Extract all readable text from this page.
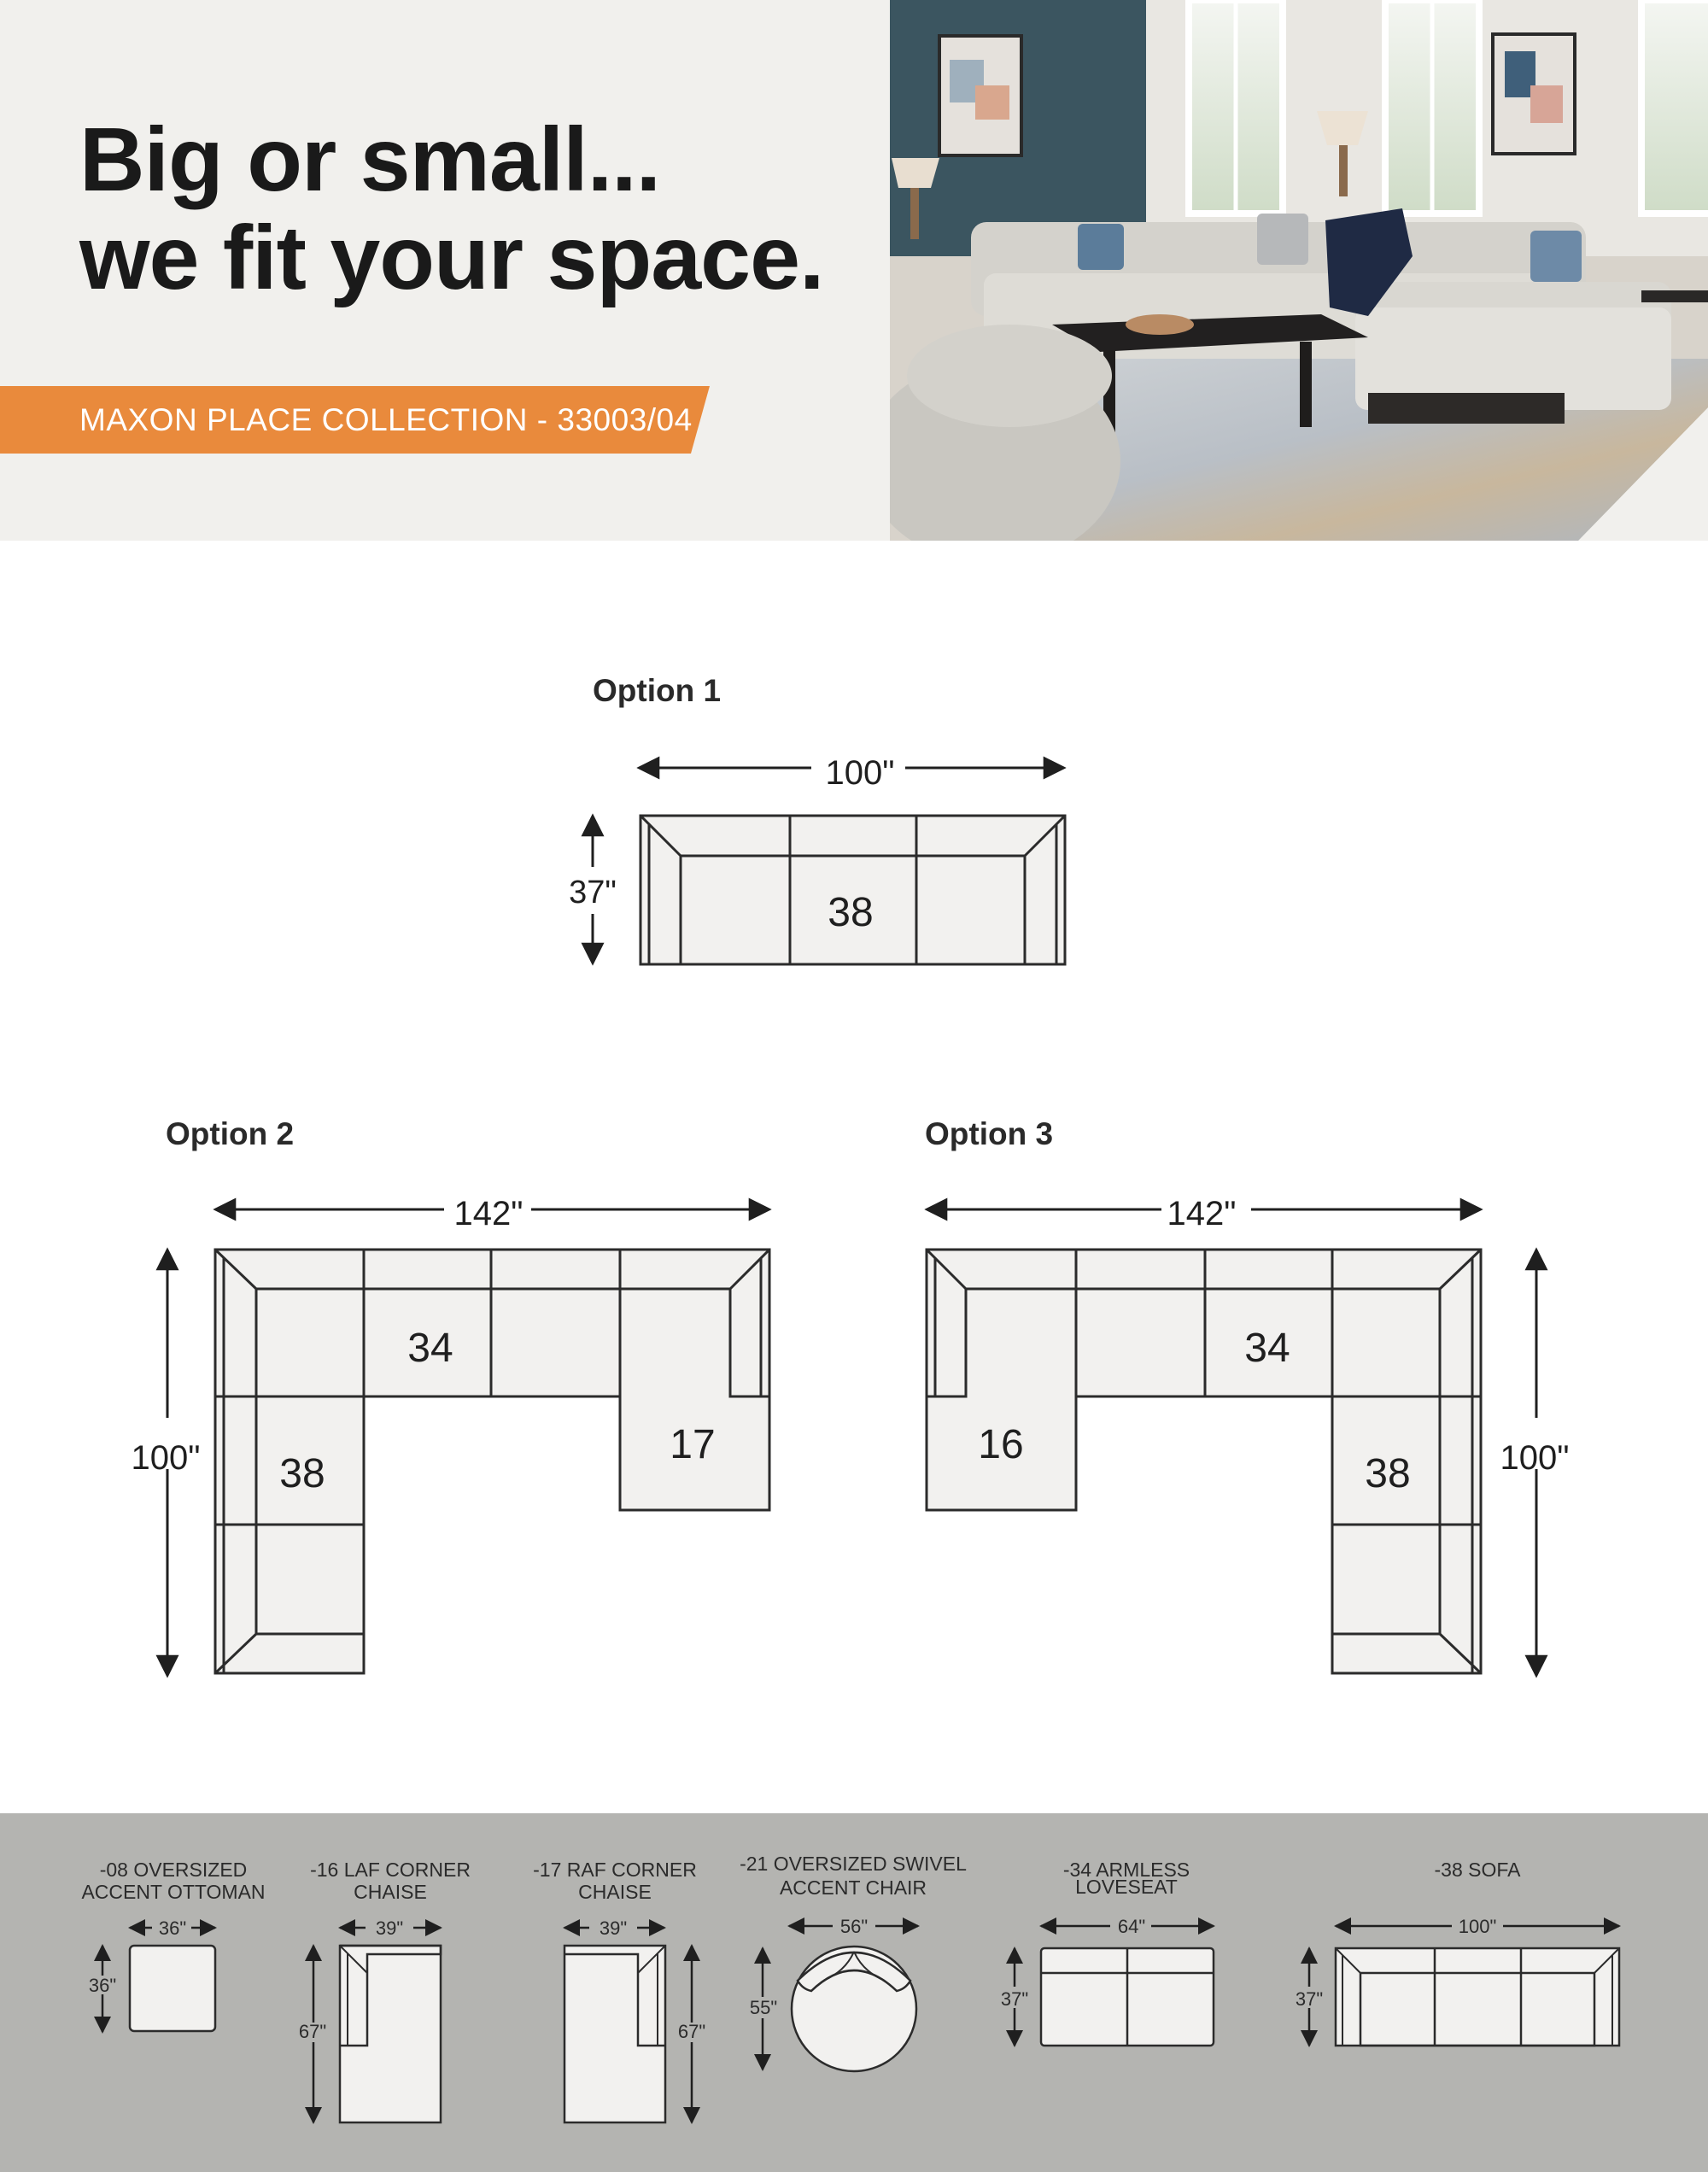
Big or small...
we fit your space.
MAXON PLACE COLLECTION - 33003/04
Option 1
100"
37"	38
Option 2
142"
100"
34
38
17
Option 3
142"
100"
34
16
38
-08 OVERSIZED
ACCENT OTTOMAN
36"
36"
-16 LAF CORNER
CHAISE
39"
67"
-17 RAF CORNER
CHAISE
39"
67"
-21 OVERSIZED SWIVEL
ACCENT CHAIR
56"
55"
-34 ARMLESS
LOVESEAT
64"
37"
-38 SOFA
100"
37"
